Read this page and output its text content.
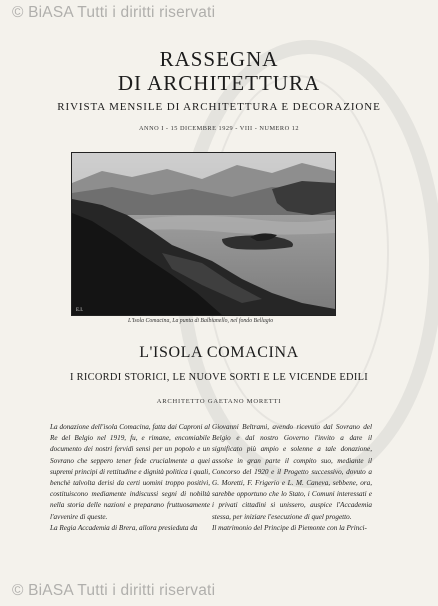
© BiASA Tutti i diritti riservati
RASSEGNA
DI ARCHITETTURA
RIVISTA MENSILE DI ARCHITETTURA E DECORAZIONE
ANNO I - 15 DICEMBRE 1929 - VIII - NUMERO 12
E.I.
L'Isola Comacina, La punta di Balbianello, nel fondo Bellagio
L'ISOLA COMACINA
I RICORDI STORICI, LE NUOVE SORTI E LE VICENDE EDILI
ARCHITETTO GAETANO MORETTI

La donazione dell'isola Comacina, fatta dai Caproni al Re del Belgio nel 1919, fu, e rimane, encomiabile documento dei nostri fervidi sensi per un popolo e un Sovrano che seppero tener fede crucialmente a quei supremi principi di rettitudine e dignità politica i quali, benchè talvolta derisi da certi uomini troppo positivi, costituiscono mediamente indiscussi segni di nobiltà nella storia delle nazioni e preparano fruttuosamente l'avvenire di queste.

La Regia Accademia di Brera, allora presieduta da

Giovanni Beltrami, avendo ricevuto dal Sovrano del Belgio e dal nostro Governo l'invito a dare il significato più ampio e solenne a tale donazione, assolse in gran parte il compito suo, mediante il Concorso del 1920 e il Progetto successivo, dovuto a G. Moretti, F. Frigerio e L. M. Caneva, sebbene, ora, sarebbe opportuno che lo Stato, i Comuni interessati e i privati cittadini si unissero, auspice l'Accademia stessa, per iniziare l'esecuzione di quel progetto.

Il matrimonio del Principe di Piemonte con la Princi-

© BiASA Tutti i diritti riservati
